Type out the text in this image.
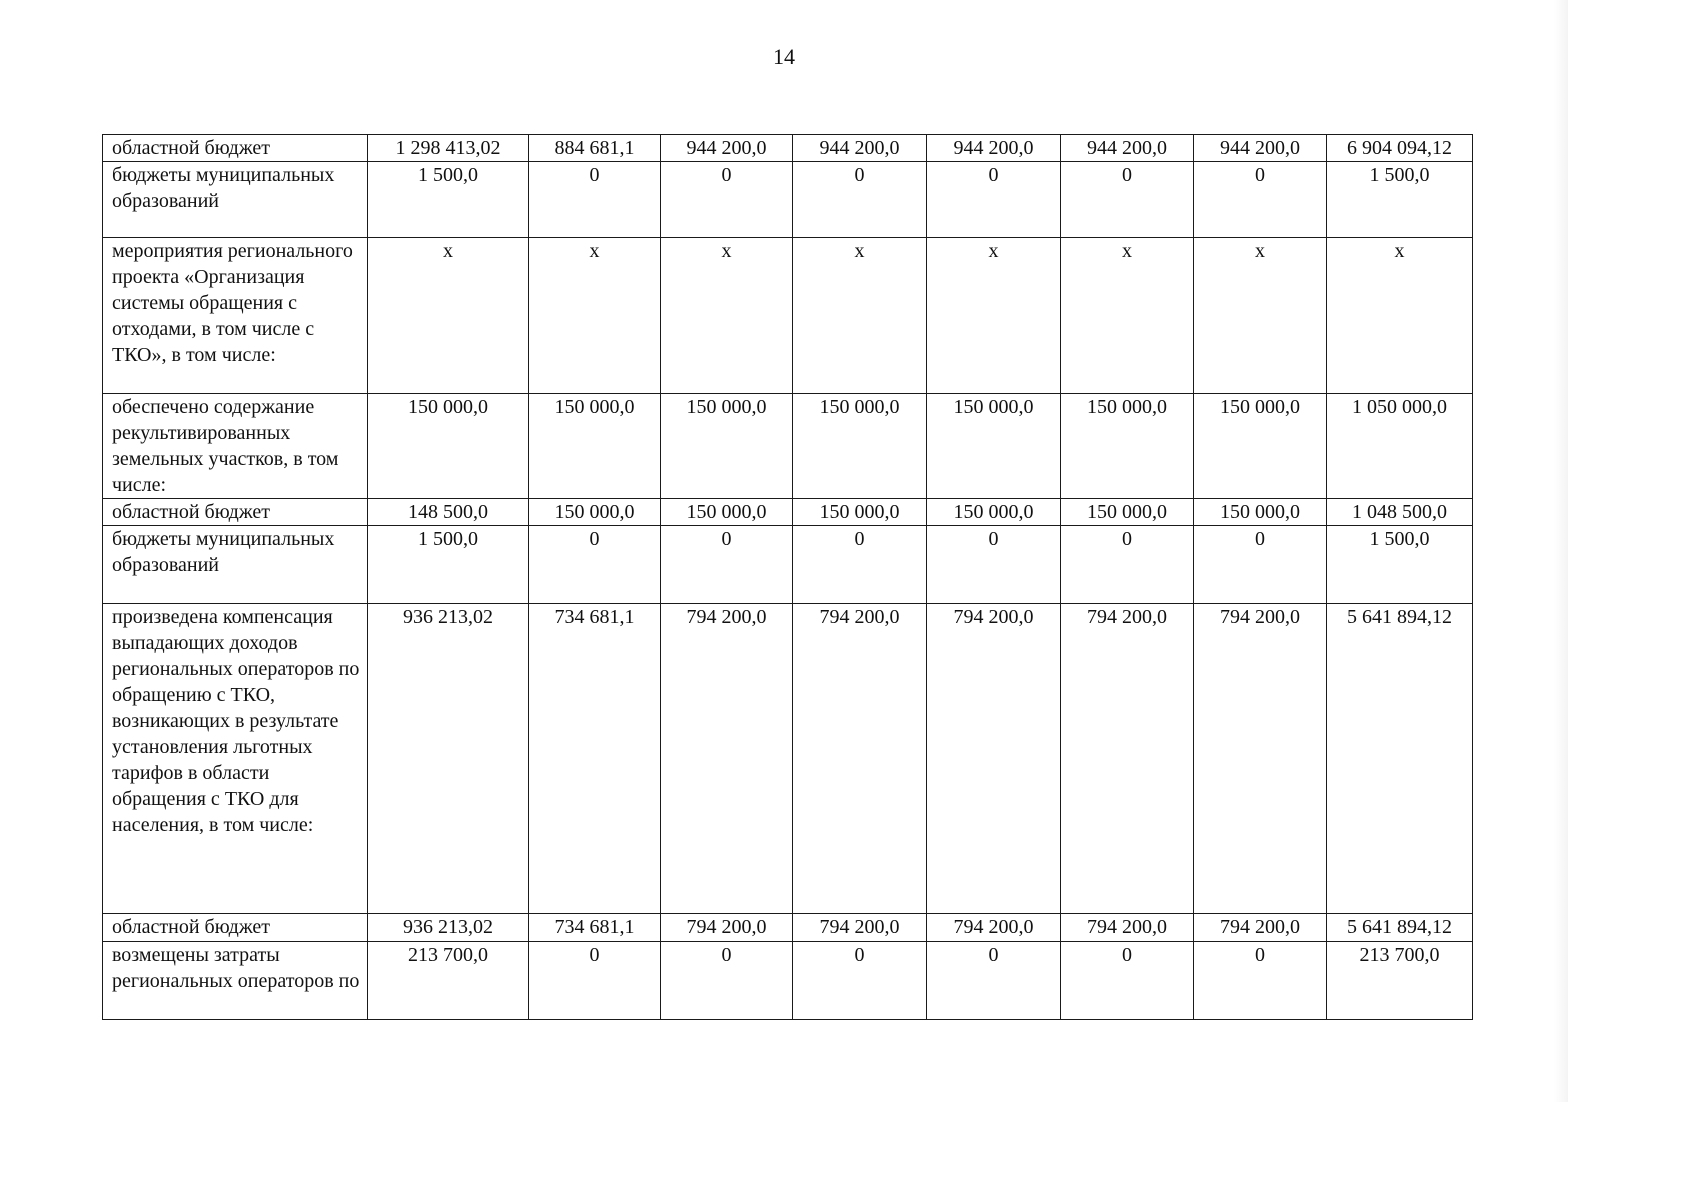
14
областной бюджет	1 298 413,02	884 681,1	944 200,0	944 200,0	944 200,0	944 200,0	944 200,0	6 904 094,12
бюджеты муниципальных образований	1 500,0	0	0	0	0	0	0	1 500,0
мероприятия регионального проекта «Организация системы обращения с отходами, в том числе с ТКО», в том числе:	x	x	x	x	x	x	x	x
обеспечено содержание рекультивированных земельных участков, в том числе:	150 000,0	150 000,0	150 000,0	150 000,0	150 000,0	150 000,0	150 000,0	1 050 000,0
областной бюджет	148 500,0	150 000,0	150 000,0	150 000,0	150 000,0	150 000,0	150 000,0	1 048 500,0
бюджеты муниципальных образований	1 500,0	0	0	0	0	0	0	1 500,0
произведена компенсация выпадающих доходов региональных операторов по обращению с ТКО, возникающих в результате установления льготных тарифов в области обращения с ТКО для населения, в том числе:	936 213,02	734 681,1	794 200,0	794 200,0	794 200,0	794 200,0	794 200,0	5 641 894,12
областной бюджет	936 213,02	734 681,1	794 200,0	794 200,0	794 200,0	794 200,0	794 200,0	5 641 894,12
возмещены затраты региональных операторов по	213 700,0	0	0	0	0	0	0	213 700,0
